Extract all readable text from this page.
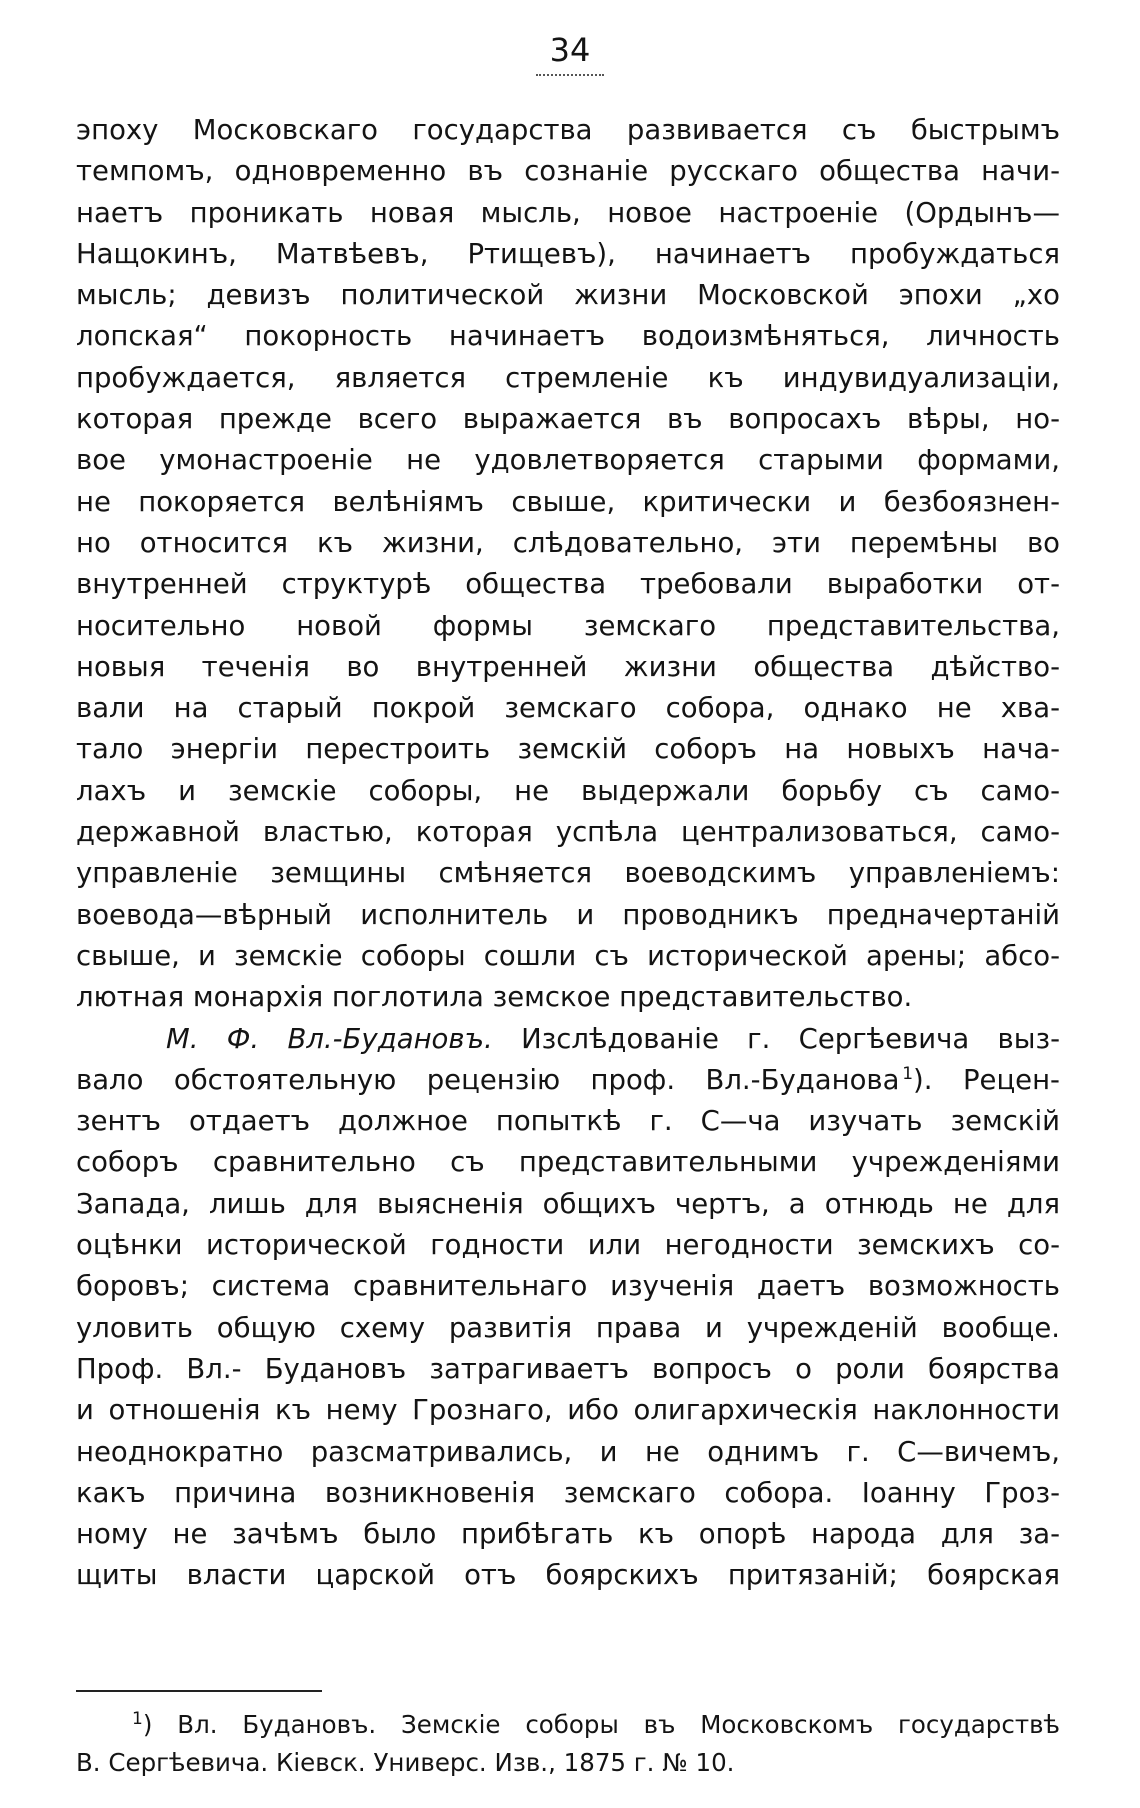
34
эпоху Московскаго государства развивается съ быстрымъ
темпомъ, одновременно въ сознаніе русскаго общества начи-
наетъ проникать новая мысль, новое настроеніе (Ордынъ—
Нащокинъ, Матвѣевъ, Ртищевъ), начинаетъ пробуждаться
мысль; девизъ политической жизни Московской эпохи „хо
лопская“ покорность начинаетъ водоизмѣняться, личность
пробуждается, является стремленіе къ индувидуализаціи,
которая прежде всего выражается въ вопросахъ вѣры, но-
вое умонастроеніе не удовлетворяется старыми формами,
не покоряется велѣніямъ свыше, критически и безбоязнен-
но относится къ жизни, слѣдовательно, эти перемѣны во
внутренней структурѣ общества требовали выработки от-
носительно новой формы земскаго представительства,
новыя теченія во внутренней жизни общества дѣйство-
вали на старый покрой земскаго собора, однако не хва-
тало энергіи перестроить земскій соборъ на новыхъ нача-
лахъ и земскіе соборы, не выдержали борьбу съ само-
державной властью, которая успѣла централизоваться, само-
управленіе земщины смѣняется воеводскимъ управленіемъ:
воевода—вѣрный исполнитель и проводникъ предначертаній
свыше, и земскіе соборы сошли съ исторической арены; абсо-
лютная монархія поглотила земское представительство.
М. Ф. Вл.-Будановъ. Изслѣдованіе г. Сергѣевича выз-
вало обстоятельную рецензію проф. Вл.-Буданова  $^1$). Рецен-
зентъ отдаетъ должное попыткѣ г. С—ча изучать земскій
соборъ сравнительно съ представительными учрежденіями
Запада, лишь для выясненія общихъ чертъ, а отнюдь не для
оцѣнки исторической годности или негодности земскихъ со-
боровъ; система сравнительнаго изученія даетъ возможность
уловить общую схему развитія права и учрежденій вообще.
Проф. Вл.- Будановъ затрагиваетъ вопросъ о роли боярства
и отношенія къ нему Грознаго, ибо олигархическія наклонности
неоднократно разсматривались, и не однимъ г. С—вичемъ,
какъ причина возникновенія земскаго собора. Іоанну Гроз-
ному не зачѣмъ было прибѣгать къ опорѣ народа для за-
щиты власти царской отъ боярскихъ притязаній; боярская
$^1$) Вл. Будановъ. Земскіе соборы въ Московскомъ государствѣ
В. Сергѣевича. Кіевск. Универс. Изв., 1875 г. № 10.
